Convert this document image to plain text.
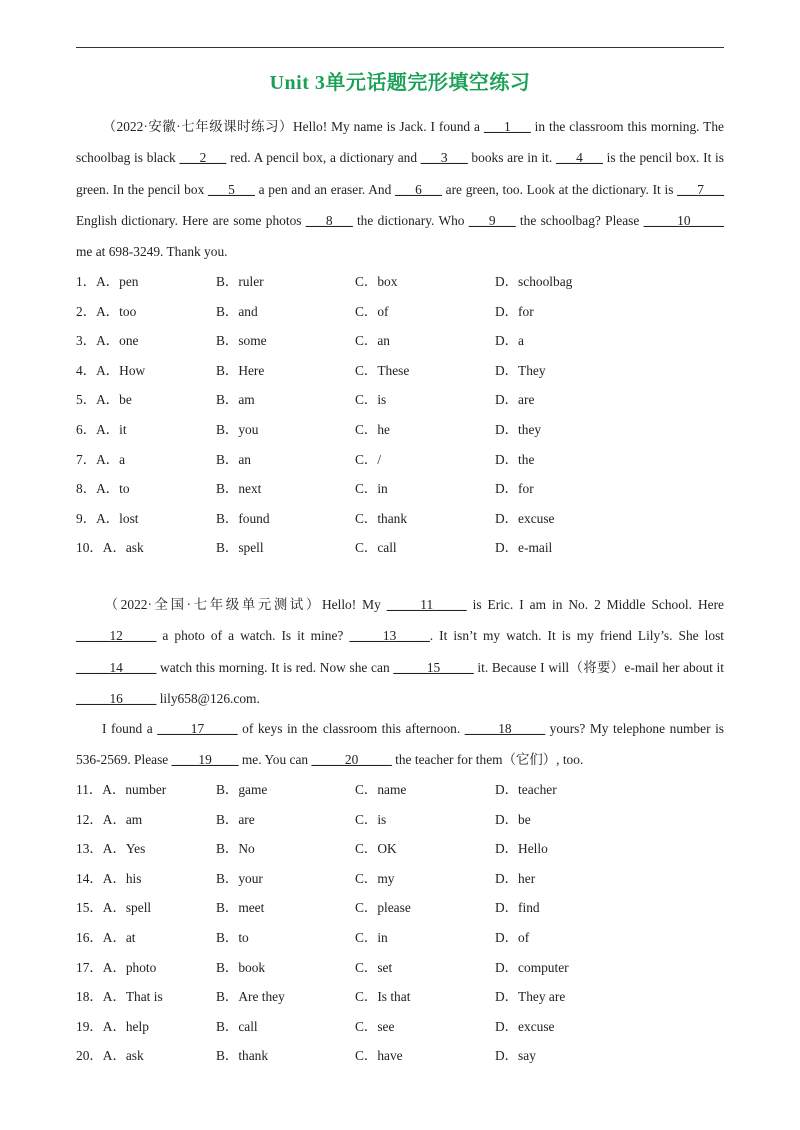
Unit 3单元话题完形填空练习
（2022·安徽·七年级课时练习）Hello! My name is Jack. I found a ___1___ in the classroom this morning. The schoolbag is black ___2___ red. A pencil box, a dictionary and ___3___ books are in it. ___4___ is the pencil box. It is green. In the pencil box ___5___ a pen and an eraser. And ___6___ are green, too. Look at the dictionary. It is ___7___ English dictionary. Here are some photos ___8___ the dictionary. Who ___9___ the schoolbag? Please _____10_____ me at 698-3249. Thank you.
1．A．pen	B．ruler	C．box	D．schoolbag
2．A．too	B．and	C．of	D．for
3．A．one	B．some	C．an	D．a
4．A．How	B．Here	C．These	D．They
5．A．be	B．am	C．is	D．are
6．A．it	B．you	C．he	D．they
7．A．a	B．an	C．/	D．the
8．A．to	B．next	C．in	D．for
9．A．lost	B．found	C．thank	D．excuse
10．A．ask	B．spell	C．call	D．e-mail
（2022·全国·七年级单元测试）Hello! My _____11_____ is Eric. I am in No. 2 Middle School. Here _____12_____ a photo of a watch. Is it mine? _____13_____. It isn’t my watch. It is my friend Lily’s. She lost _____14_____ watch this morning. It is red. Now she can _____15_____ it. Because I will（将要）e-mail her about it _____16_____ lily658@126.com.
I found a _____17_____ of keys in the classroom this afternoon. _____18_____ yours? My telephone number is 536-2569. Please ____19____ me. You can _____20_____ the teacher for them（它们）, too.
11．A．number	B．game	C．name	D．teacher
12．A．am	B．are	C．is	D．be
13．A．Yes	B．No	C．OK	D．Hello
14．A．his	B．your	C．my	D．her
15．A．spell	B．meet	C．please	D．find
16．A．at	B．to	C．in	D．of
17．A．photo	B．book	C．set	D．computer
18．A．That is	B．Are they	C．Is that	D．They are
19．A．help	B．call	C．see	D．excuse
20．A．ask	B．thank	C．have	D．say
